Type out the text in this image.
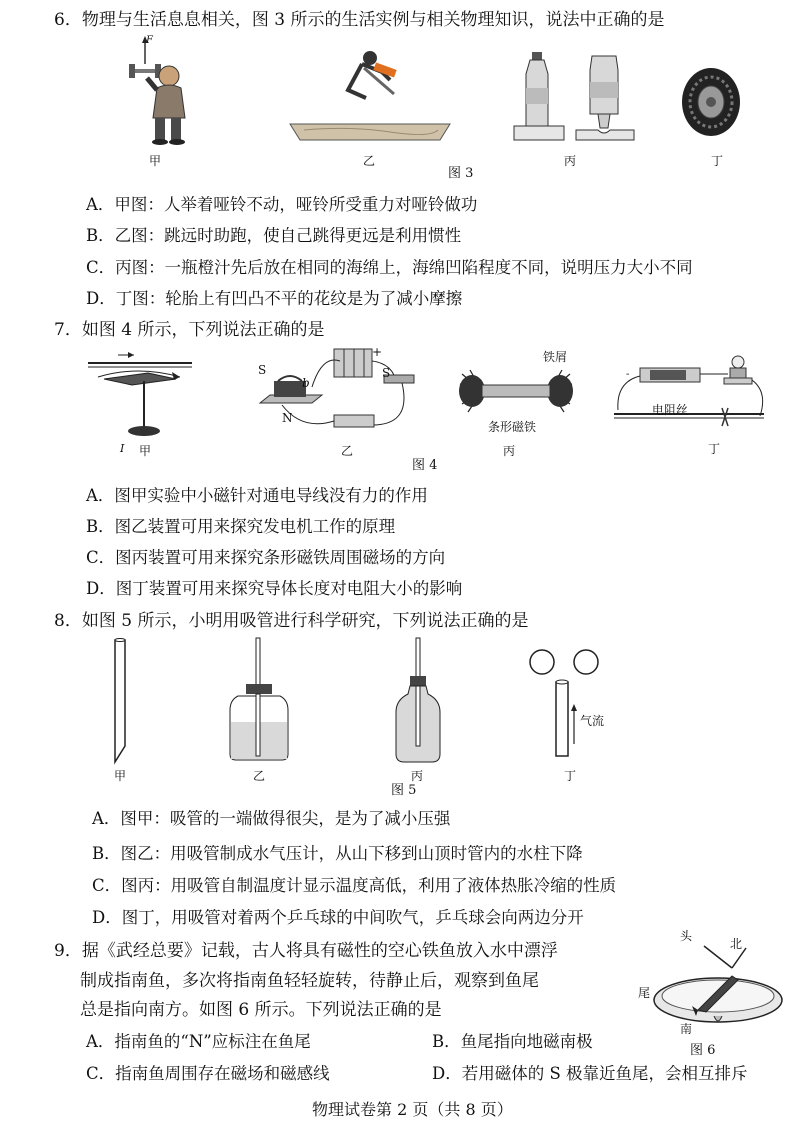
6．物理与生活息息相关，图 3 所示的生活实例与相关物理知识，说法中正确的是
甲
F
乙
图 3
丙	丁
A．甲图：人举着哑铃不动，哑铃所受重力对哑铃做功
B．乙图：跳远时助跑，使自己跳得更远是利用惯性
C．丙图：一瓶橙汁先后放在相同的海绵上，海绵凹陷程度不同，说明压力大小不同
D．丁图：轮胎上有凹凸不平的花纹是为了减小摩擦
7．如图 4 所示，下列说法正确的是
I 甲
S
b
N
S
+
乙
铁屑
条形磁铁
丙
图 4
电阻丝
-
丁
A．图甲实验中小磁针对通电导线没有力的作用
B．图乙装置可用来探究发电机工作的原理
C．图丙装置可用来探究条形磁铁周围磁场的方向
D．图丁装置可用来探究导体长度对电阻大小的影响
8．如图 5 所示，小明用吸管进行科学研究，下列说法正确的是
甲	乙	丙
气流
丁
图 5
A．图甲：吸管的一端做得很尖，是为了减小压强
B．图乙：用吸管制成水气压计，从山下移到山顶时管内的水柱下降
C．图丙：用吸管自制温度计显示温度高低，利用了液体热胀冷缩的性质
D．图丁，用吸管对着两个乒乓球的中间吹气，乒乓球会向两边分开
9．据《武经总要》记载，古人将具有磁性的空心铁鱼放入水中漂浮
制成指南鱼，多次将指南鱼轻轻旋转，待静止后，观察到鱼尾
总是指向南方。如图 6 所示。下列说法正确的是
头
北
尾
南
图 6
A．指南鱼的“N”应标注在鱼尾	B．鱼尾指向地磁南极
C．指南鱼周围存在磁场和磁感线	D．若用磁体的 S 极靠近鱼尾，会相互排斥
物理试卷第 2 页（共 8 页）
